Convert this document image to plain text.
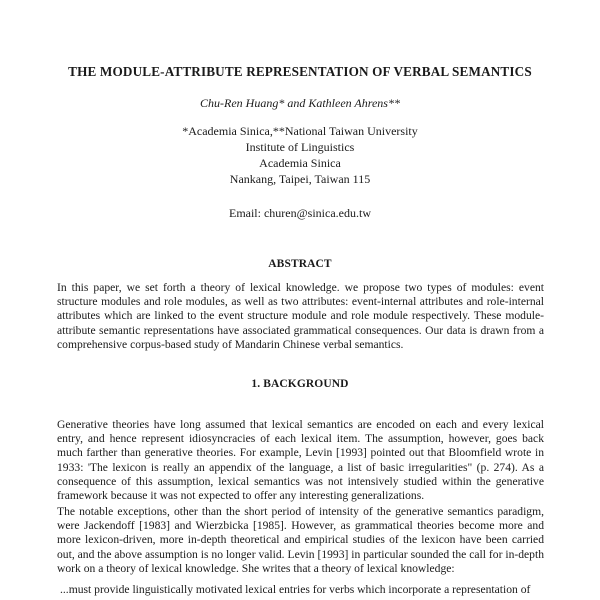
THE MODULE-ATTRIBUTE REPRESENTATION OF VERBAL SEMANTICS
Chu-Ren Huang* and Kathleen Ahrens**
*Academia Sinica,**National Taiwan University
Institute of Linguistics
Academia Sinica
Nankang, Taipei, Taiwan 115
Email: churen@sinica.edu.tw
ABSTRACT

In this paper, we set forth a theory of lexical knowledge. we propose two types of modules: event structure modules and role modules, as well as two attributes: event-internal attributes and role-internal attributes which are linked to the event structure module and role module respectively. These module-attribute semantic representations have associated grammatical consequences. Our data is drawn from a comprehensive corpus-based study of Mandarin Chinese verbal semantics.

1. BACKGROUND

Generative theories have long assumed that lexical semantics are encoded on each and every lexical entry, and hence represent idiosyncracies of each lexical item. The assumption, however, goes back much farther than generative theories. For example, Levin [1993] pointed out that Bloomfield wrote in 1933: 'The lexicon is really an appendix of the language, a list of basic irregularities" (p. 274). As a consequence of this assumption, lexical semantics was not intensively studied within the generative framework because it was not expected to offer any interesting generalizations.

The notable exceptions, other than the short period of intensity of the generative semantics paradigm, were Jackendoff [1983] and Wierzbicka [1985]. However, as grammatical theories become more and more lexicon-driven, more in-depth theoretical and empirical studies of the lexicon have been carried out, and the above assumption is no longer valid. Levin [1993] in particular sounded the call for in-depth work on a theory of lexical knowledge. She writes that a theory of lexical knowledge:

...must provide linguistically motivated lexical entries for verbs which incorporate a representation of
